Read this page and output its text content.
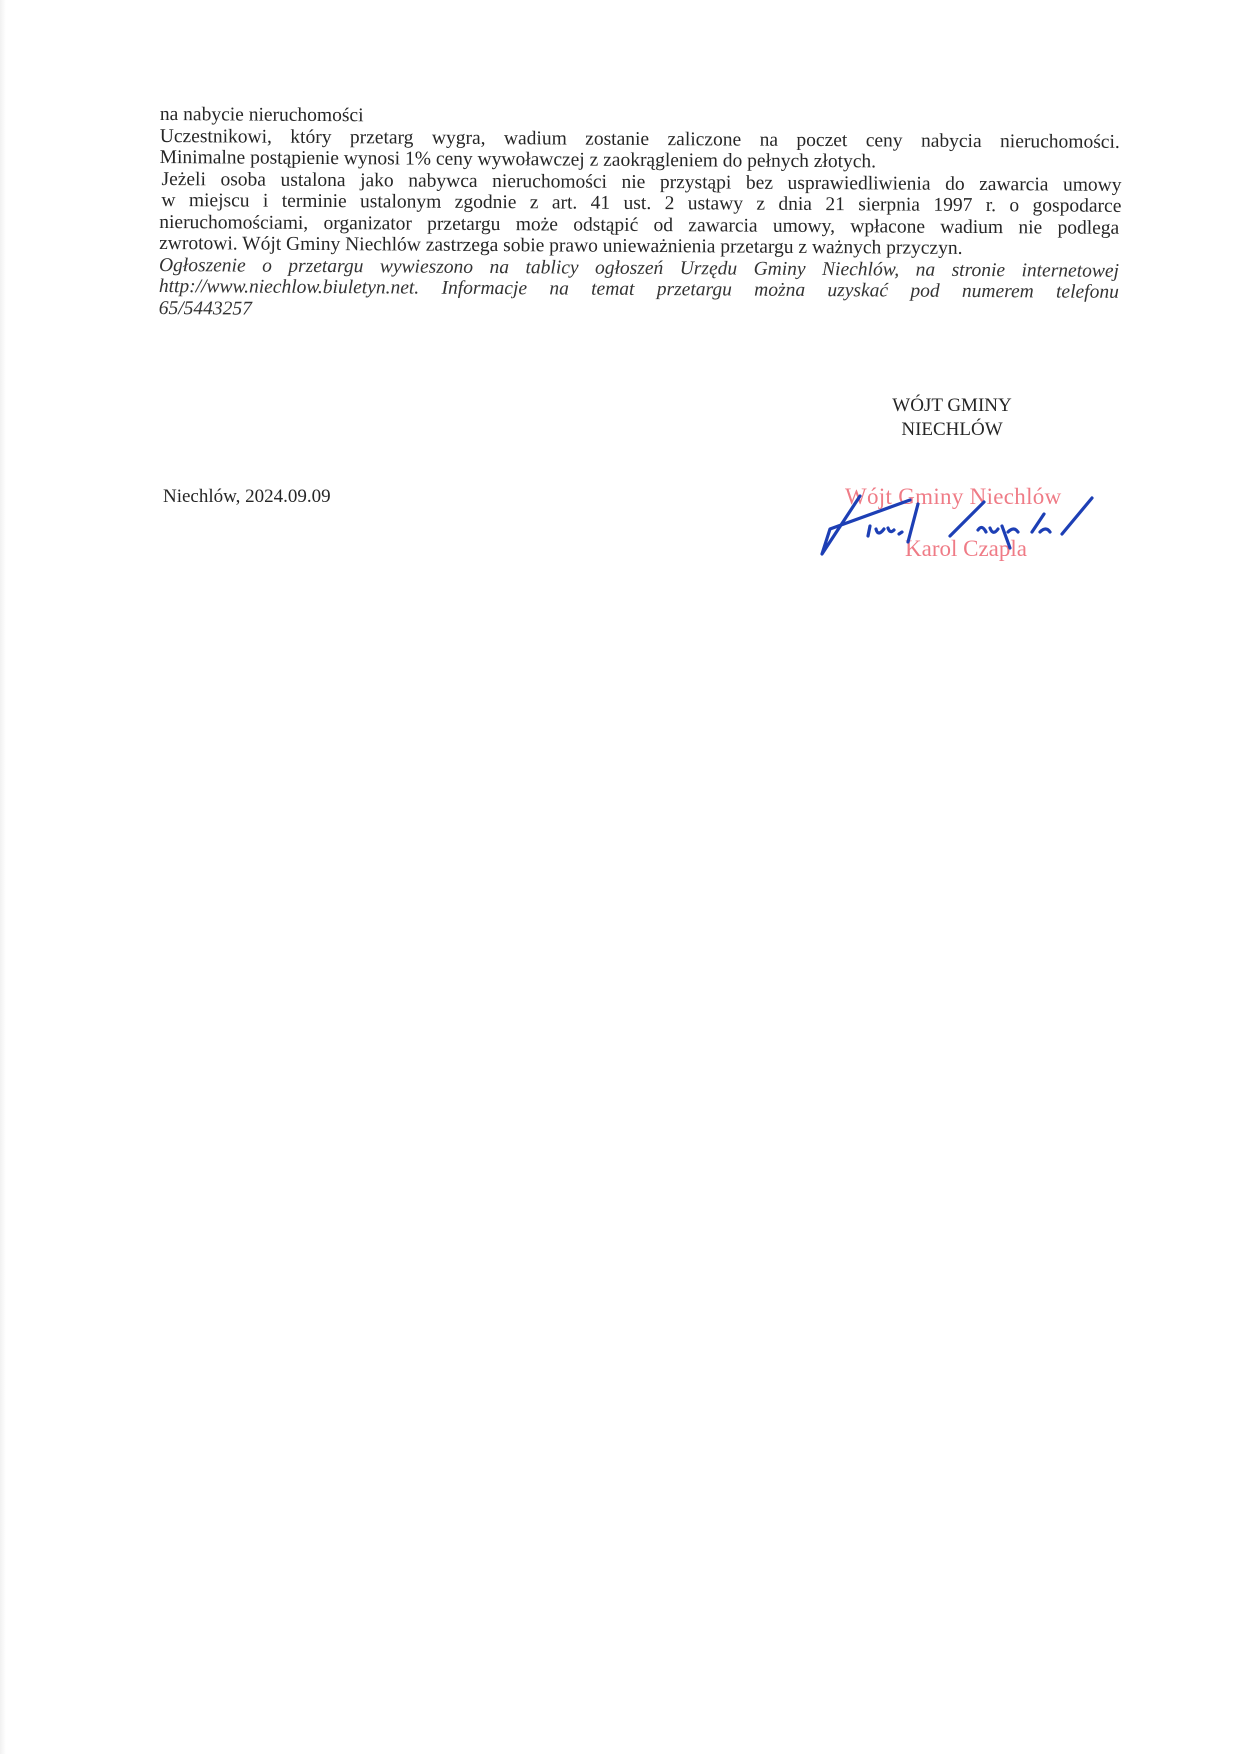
na nabycie nieruchomości
Uczestnikowi, który przetarg wygra, wadium zostanie zaliczone na poczet ceny nabycia nieruchomości.
Minimalne postąpienie wynosi 1% ceny wywoławczej z zaokrągleniem do pełnych złotych.
Jeżeli osoba ustalona jako nabywca nieruchomości nie przystąpi bez usprawiedliwienia do zawarcia umowy
w miejscu i terminie ustalonym zgodnie z art. 41 ust. 2 ustawy z dnia 21 sierpnia 1997 r. o gospodarce
nieruchomościami, organizator przetargu może odstąpić od zawarcia umowy, wpłacone wadium nie podlega
zwrotowi. Wójt Gminy Niechlów zastrzega sobie prawo unieważnienia przetargu z ważnych przyczyn.
Ogłoszenie o przetargu wywieszono na tablicy ogłoszeń Urzędu Gminy Niechlów, na stronie internetowej
http://www.niechlow.biuletyn.net. Informacje na temat przetargu można uzyskać pod numerem telefonu
65/5443257
WÓJT GMINY
NIECHLÓW
Niechlów, 2024.09.09	Wójt Gminy Niechlów
Karol Czapla
